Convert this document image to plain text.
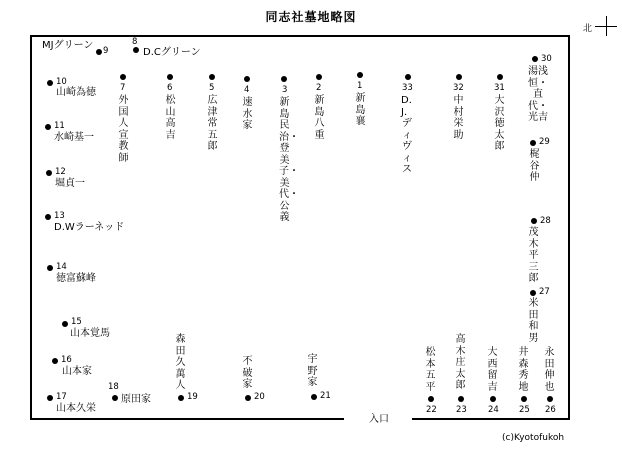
同志社墓地略図
北
入口
(c)Kyotofukoh
8
D.Cグリーン
MJグリーン 9
10
山崎為徳
11
水崎基一
12
堀貞一
13
D.Wラーネッド
14
徳富蘇峰
15
山本覚馬
16
山本家
17
山本久栄
18
原田家
森田久萬人
19
不破家
20
宇野家
21
7
外国人宣教師
6
松山高吉
5
広津常五郎
4
速水家
3
新島民治・登美子・美代・公義
2
新島八重
1
新島襄
33
D．J．ディヴィス
32
中村栄助
31
大沢徳太郎
30
湯浅恒・直代・光吉
29
梶谷仲
28
茂木平三郎
27
米田和男
松本五平
22
高木庄太郎
23
大西留吉
24
井森秀地
25
永田伸也
26
